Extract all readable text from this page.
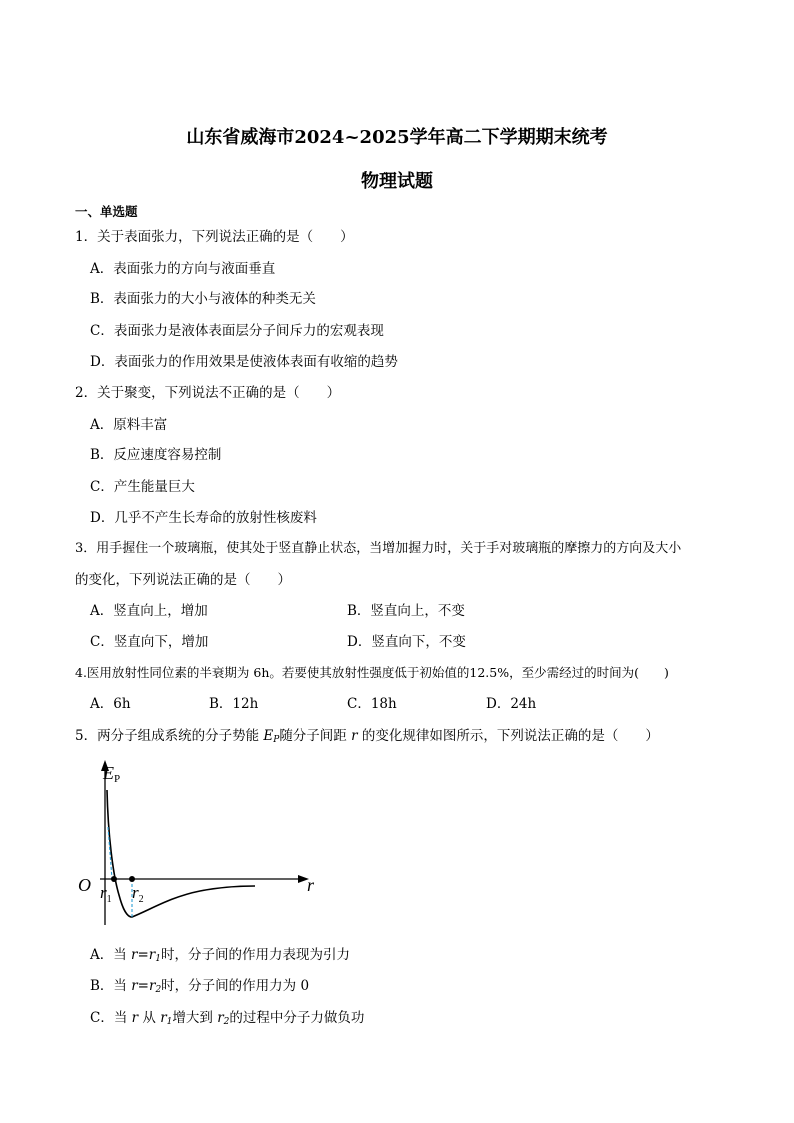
山东省威海市2024~2025学年高二下学期期末统考
物理试题
一、单选题
1．关于表面张力，下列说法正确的是（　　）
A．表面张力的方向与液面垂直
B．表面张力的大小与液体的种类无关
C．表面张力是液体表面层分子间斥力的宏观表现
D．表面张力的作用效果是使液体表面有收缩的趋势
2．关于聚变，下列说法不正确的是（　　）
A．原料丰富
B．反应速度容易控制
C．产生能量巨大
D．几乎不产生长寿命的放射性核废料
3．用手握住一个玻璃瓶，使其处于竖直静止状态，当增加握力时，关于手对玻璃瓶的摩擦力的方向及大小
的变化，下列说法正确的是（　　）
A．竖直向上，增加	B．竖直向上，不变
C．竖直向下，增加	D．竖直向下，不变
4.医用放射性同位素的半衰期为 6h。若要使其放射性强度低于初始值的12.5%，至少需经过的时间为(　　)
A．6h	B．12h	C．18h	D．24h
5．两分子组成系统的分子势能 $E_P$随分子间距 r 的变化规律如图所示，下列说法正确的是（　　）
EP
r
O $r_1$ $r_2$
A．当 $r=r_1$时，分子间的作用力表现为引力
B．当 $r=r_2$时，分子间的作用力为 0
C．当 r 从 $r_1$增大到 $r_2$的过程中分子力做负功
